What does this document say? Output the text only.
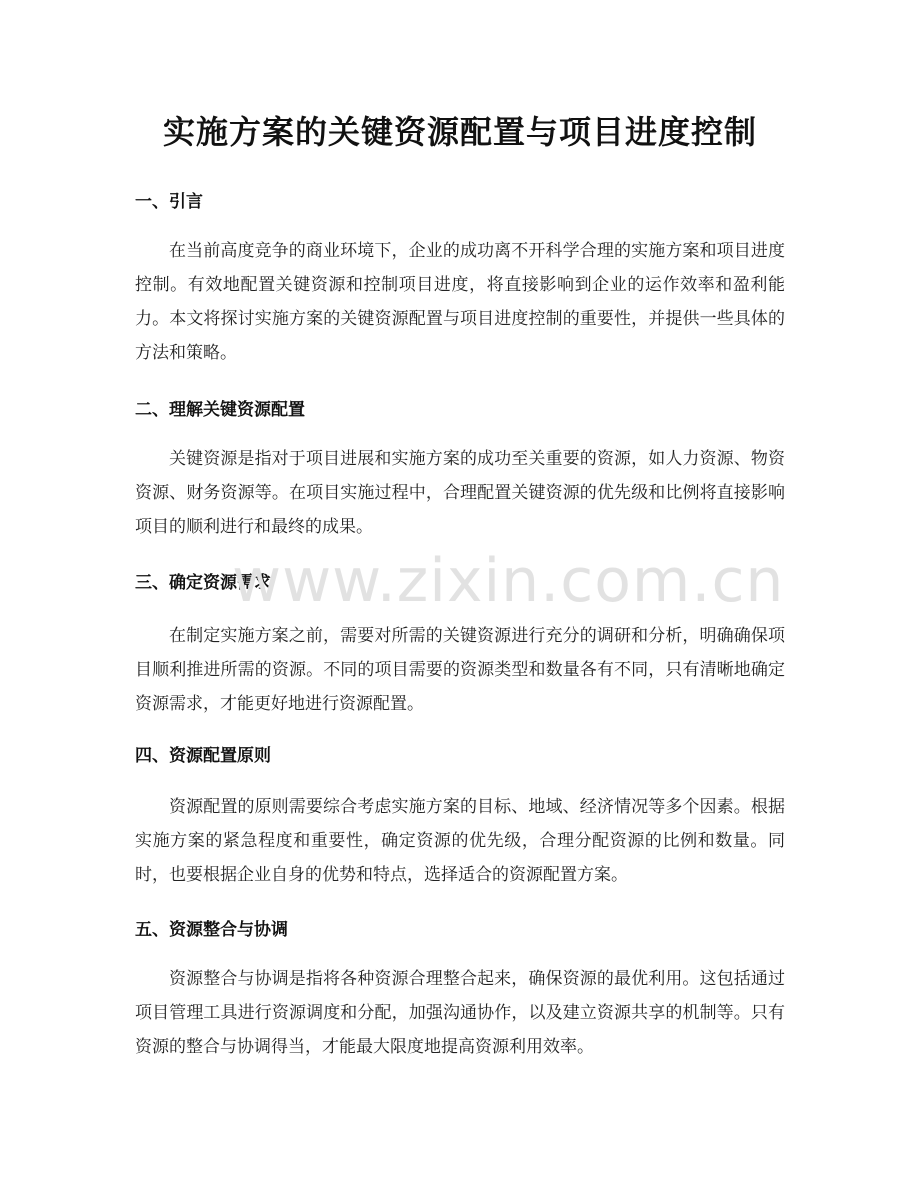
实施方案的关键资源配置与项目进度控制
一、引言
在当前高度竞争的商业环境下，企业的成功离不开科学合理的实施方案和项目进度控制。有效地配置关键资源和控制项目进度，将直接影响到企业的运作效率和盈利能力。本文将探讨实施方案的关键资源配置与项目进度控制的重要性，并提供一些具体的方法和策略。
二、理解关键资源配置
关键资源是指对于项目进展和实施方案的成功至关重要的资源，如人力资源、物资资源、财务资源等。在项目实施过程中，合理配置关键资源的优先级和比例将直接影响项目的顺利进行和最终的成果。
三、确定资源需求
在制定实施方案之前，需要对所需的关键资源进行充分的调研和分析，明确确保项目顺利推进所需的资源。不同的项目需要的资源类型和数量各有不同，只有清晰地确定资源需求，才能更好地进行资源配置。
四、资源配置原则
资源配置的原则需要综合考虑实施方案的目标、地域、经济情况等多个因素。根据实施方案的紧急程度和重要性，确定资源的优先级，合理分配资源的比例和数量。同时，也要根据企业自身的优势和特点，选择适合的资源配置方案。
五、资源整合与协调
资源整合与协调是指将各种资源合理整合起来，确保资源的最优利用。这包括通过项目管理工具进行资源调度和分配，加强沟通协作，以及建立资源共享的机制等。只有资源的整合与协调得当，才能最大限度地提高资源利用效率。
www.zixin.com.cn
